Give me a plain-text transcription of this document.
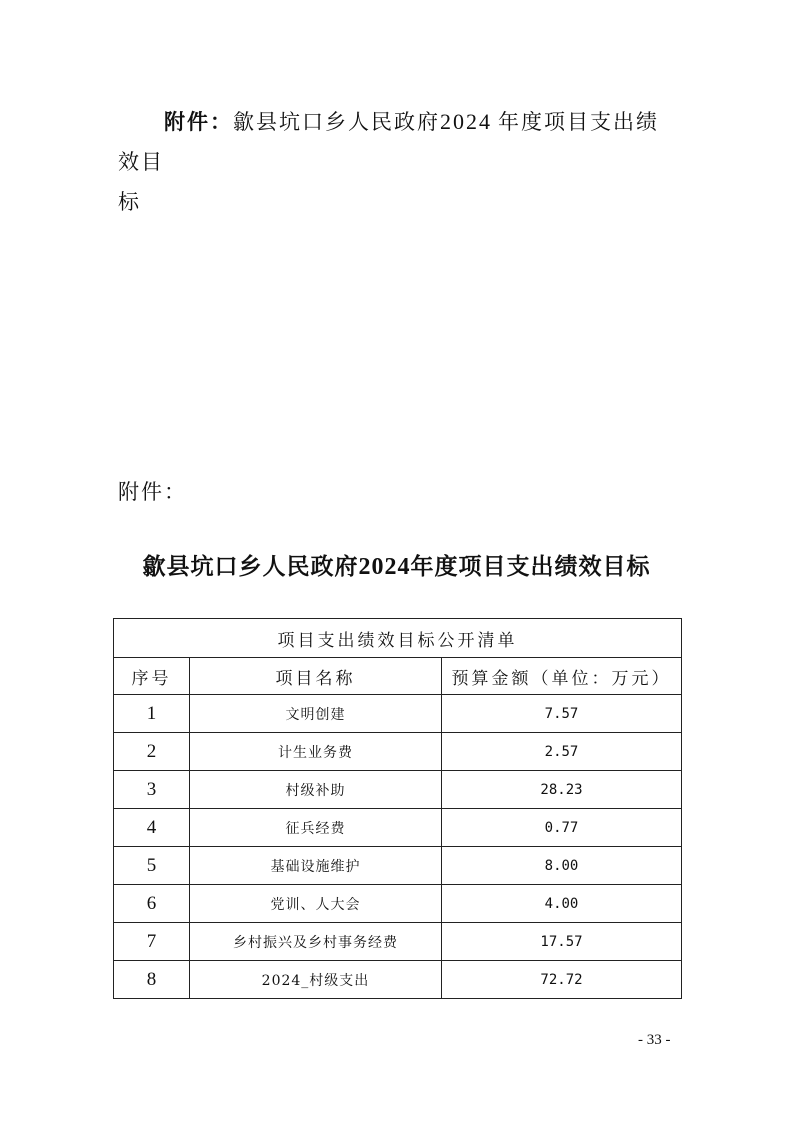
附件：歙县坑口乡人民政府2024 年度项目支出绩效目
标
附件：
歙县坑口乡人民政府2024年度项目支出绩效目标
项目支出绩效目标公开清单		
序号	项目名称	预算金额（单位：万元）
1	文明创建	7.57
2	计生业务费	2.57
3	村级补助	28.23
4	征兵经费	0.77
5	基础设施维护	8.00
6	党训、人大会	4.00
7	乡村振兴及乡村事务经费	17.57
8	2024_村级支出	72.72
- 33 -
